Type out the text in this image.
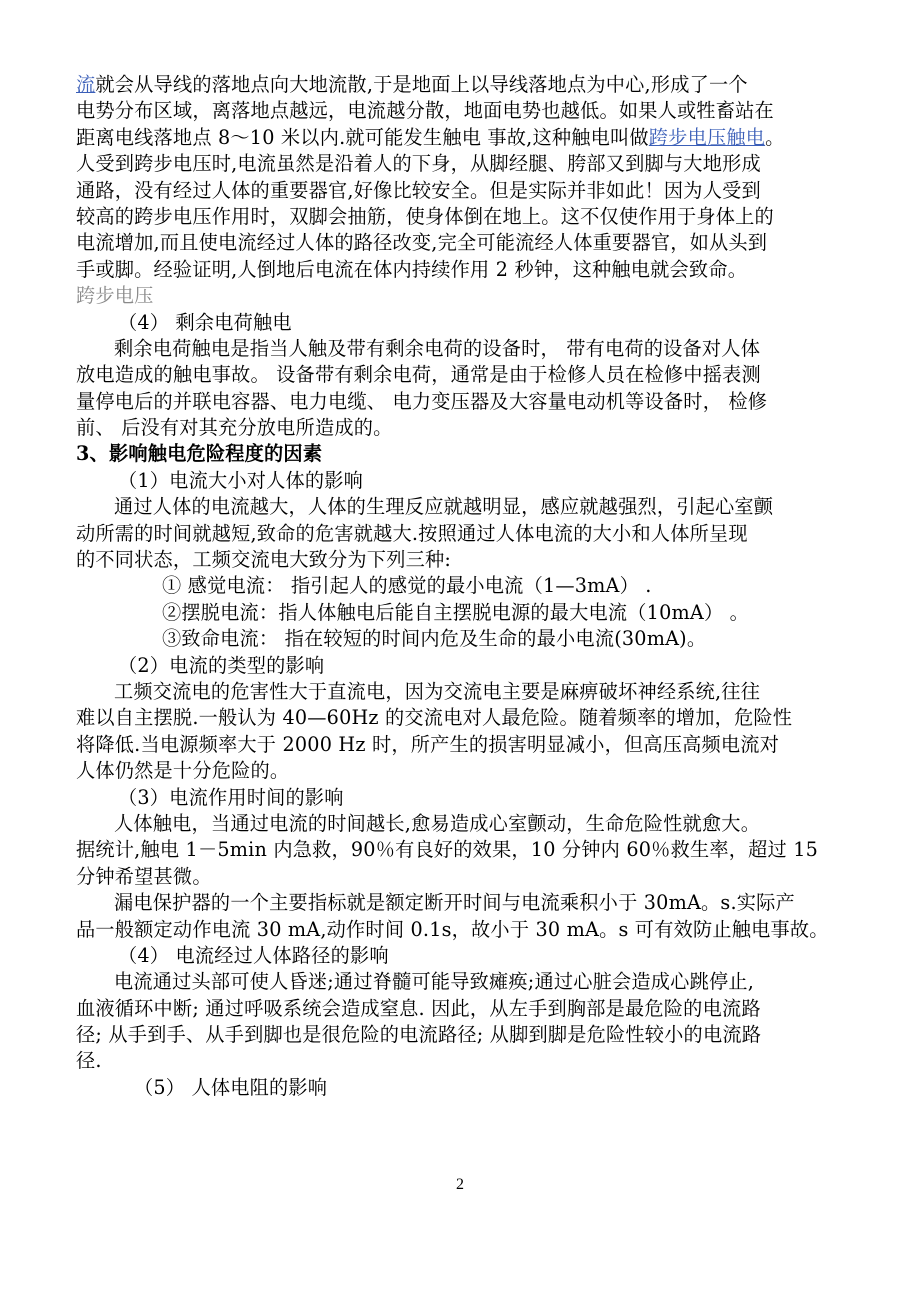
流就会从导线的落地点向大地流散,于是地面上以导线落地点为中心,形成了一个
电势分布区域，离落地点越远，电流越分散，地面电势也越低。如果人或牲畜站在
距离电线落地点 8～10 米以内.就可能发生触电 事故,这种触电叫做跨步电压触电。
人受到跨步电压时,电流虽然是沿着人的下身，从脚经腿、胯部又到脚与大地形成
通路，没有经过人体的重要器官,好像比较安全。但是实际并非如此！因为人受到
较高的跨步电压作用时，双脚会抽筋，使身体倒在地上。这不仅使作用于身体上的
电流增加,而且使电流经过人体的路径改变,完全可能流经人体重要器官，如从头到
手或脚。经验证明,人倒地后电流在体内持续作用 2 秒钟，这种触电就会致命。
跨步电压
（4） 剩余电荷触电
剩余电荷触电是指当人触及带有剩余电荷的设备时， 带有电荷的设备对人体
放电造成的触电事故。 设备带有剩余电荷，通常是由于检修人员在检修中摇表测
量停电后的并联电容器、电力电缆、 电力变压器及大容量电动机等设备时， 检修
前、 后没有对其充分放电所造成的。
3、影响触电危险程度的因素
（1）电流大小对人体的影响
通过人体的电流越大，人体的生理反应就越明显，感应就越强烈，引起心室颤
动所需的时间就越短,致命的危害就越大.按照通过人体电流的大小和人体所呈现
的不同状态，工频交流电大致分为下列三种:
① 感觉电流： 指引起人的感觉的最小电流（1—3mA） .
②摆脱电流：指人体触电后能自主摆脱电源的最大电流（10mA） 。
③致命电流： 指在较短的时间内危及生命的最小电流(30mA)。
（2）电流的类型的影响
工频交流电的危害性大于直流电，因为交流电主要是麻痹破坏神经系统,往往
难以自主摆脱.一般认为 40—60Hz 的交流电对人最危险。随着频率的增加，危险性
将降低.当电源频率大于 2000 Hz 时，所产生的损害明显减小，但高压高频电流对
人体仍然是十分危险的。
（3）电流作用时间的影响
人体触电，当通过电流的时间越长,愈易造成心室颤动，生命危险性就愈大。
据统计,触电 1－5min 内急救，90％有良好的效果，10 分钟内 60％救生率，超过 15
分钟希望甚微。
漏电保护器的一个主要指标就是额定断开时间与电流乘积小于 30mA。s.实际产
品一般额定动作电流 30 mA,动作时间 0.1s，故小于 30 mA。s 可有效防止触电事故。
（4） 电流经过人体路径的影响
电流通过头部可使人昏迷;通过脊髓可能导致瘫痪;通过心脏会造成心跳停止,
血液循环中断; 通过呼吸系统会造成窒息. 因此，从左手到胸部是最危险的电流路
径; 从手到手、从手到脚也是很危险的电流路径; 从脚到脚是危险性较小的电流路
径.
（5） 人体电阻的影响
2
